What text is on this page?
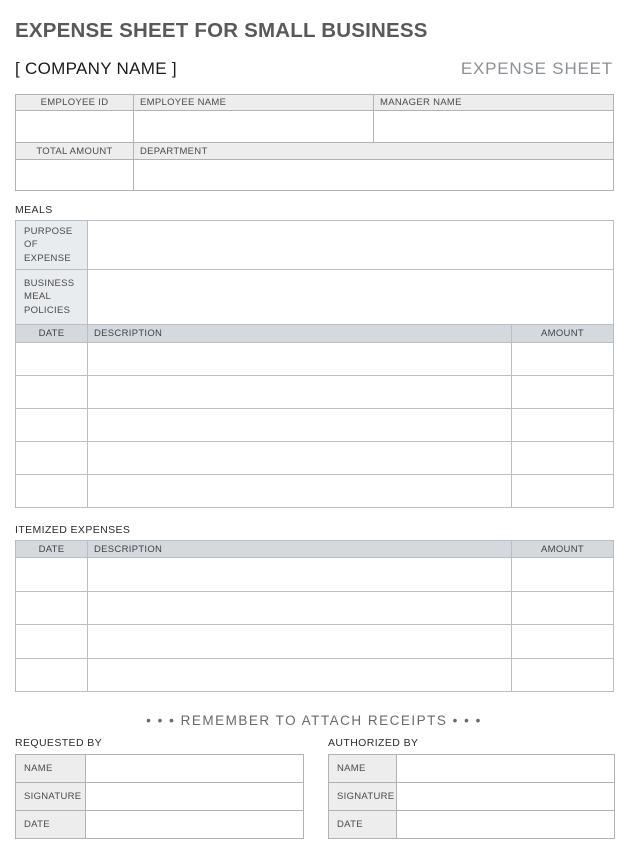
EXPENSE SHEET FOR SMALL BUSINESS
[ COMPANY NAME ]	EXPENSE SHEET
EMPLOYEE ID	EMPLOYEE NAME	MANAGER NAME

TOTAL AMOUNT	DEPARTMENT	

MEALS
PURPOSE OF EXPENSE		
BUSINESS MEAL POLICIES		
DATE	DESCRIPTION	AMOUNT

ITEMIZED EXPENSES
DATE	DESCRIPTION	AMOUNT

• • • REMEMBER TO ATTACH RECEIPTS • • •
REQUESTED BY
NAME	
SIGNATURE	
DATE	
AUTHORIZED BY
NAME	
SIGNATURE	
DATE	
